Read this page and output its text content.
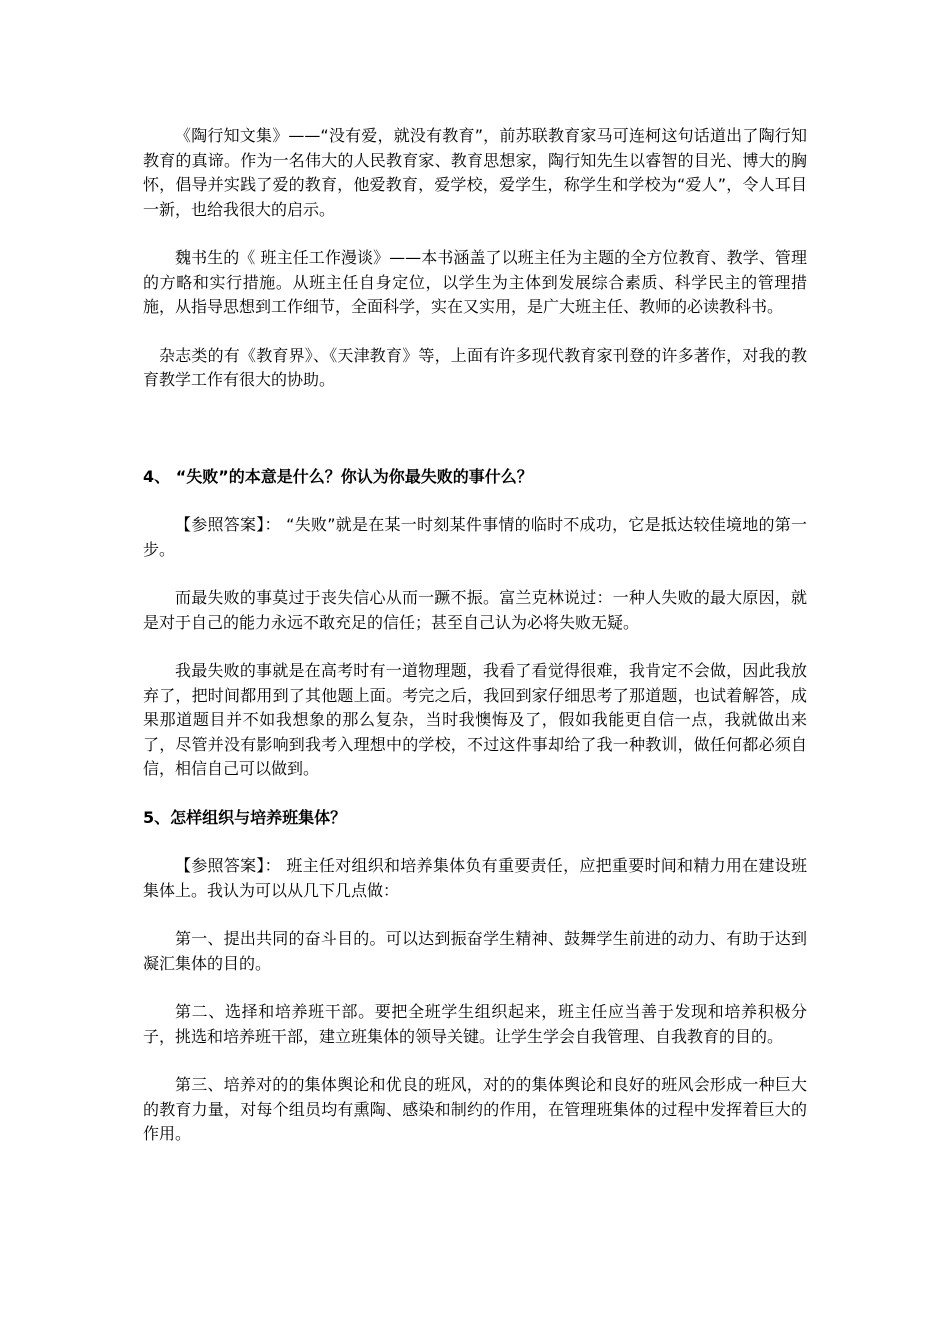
《陶行知文集》——“没有爱，就没有教育”，前苏联教育家马可连柯这句话道出了陶行知教育的真谛。作为一名伟大的人民教育家、教育思想家，陶行知先生以睿智的目光、博大的胸怀，倡导并实践了爱的教育，他爱教育，爱学校，爱学生，称学生和学校为“爱人”，令人耳目一新，也给我很大的启示。

魏书生的《 班主任工作漫谈》——本书涵盖了以班主任为主题的全方位教育、教学、管理的方略和实行措施。从班主任自身定位，以学生为主体到发展综合素质、科学民主的管理措施，从指导思想到工作细节，全面科学，实在又实用，是广大班主任、教师的必读教科书。

杂志类的有《教育界》、《天津教育》等，上面有许多现代教育家刊登的许多著作，对我的教育教学工作有很大的协助。

4、 “失败”的本意是什么？你认为你最失败的事什么？

【参照答案】： “失败”就是在某一时刻某件事情的临时不成功，它是抵达较佳境地的第一步。

而最失败的事莫过于丧失信心从而一蹶不振。富兰克林说过：一种人失败的最大原因，就是对于自己的能力永远不敢充足的信任；甚至自己认为必将失败无疑。

我最失败的事就是在高考时有一道物理题，我看了看觉得很难，我肯定不会做，因此我放弃了，把时间都用到了其他题上面。考完之后，我回到家仔细思考了那道题，也试着解答，成果那道题目并不如我想象的那么复杂，当时我懊悔及了，假如我能更自信一点，我就做出来了，尽管并没有影响到我考入理想中的学校，不过这件事却给了我一种教训，做任何都必须自信，相信自己可以做到。

5、怎样组织与培养班集体？

【参照答案】： 班主任对组织和培养集体负有重要责任，应把重要时间和精力用在建设班集体上。我认为可以从几下几点做：

第一、提出共同的奋斗目的。可以达到振奋学生精神、鼓舞学生前进的动力、有助于达到凝汇集体的目的。

第二、选择和培养班干部。要把全班学生组织起来，班主任应当善于发现和培养积极分子，挑选和培养班干部，建立班集体的领导关键。让学生学会自我管理、自我教育的目的。

第三、培养对的的集体舆论和优良的班风，对的的集体舆论和良好的班风会形成一种巨大的教育力量，对每个组员均有熏陶、感染和制约的作用，在管理班集体的过程中发挥着巨大的作用。
